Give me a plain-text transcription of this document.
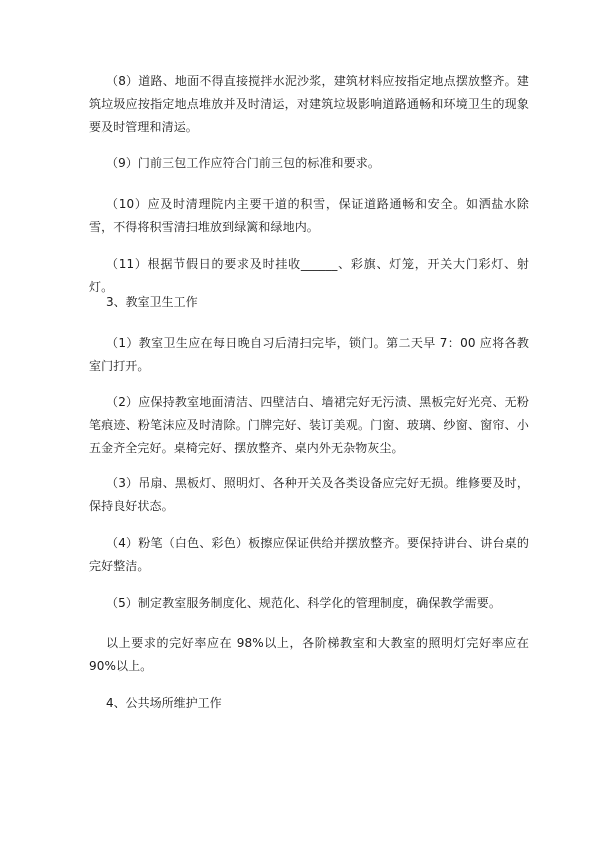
（8）道路、地面不得直接搅拌水泥沙浆，建筑材料应按指定地点摆放整齐。建筑垃圾应按指定地点堆放并及时清运，对建筑垃圾影响道路通畅和环境卫生的现象要及时管理和清运。

（9）门前三包工作应符合门前三包的标准和要求。

（10）应及时清理院内主要干道的积雪，保证道路通畅和安全。如洒盐水除雪，不得将积雪清扫堆放到绿篱和绿地内。

（11）根据节假日的要求及时挂收______、彩旗、灯笼，开关大门彩灯、射灯。

3、教室卫生工作

（1）教室卫生应在每日晚自习后清扫完毕，锁门。第二天早 7：00 应将各教室门打开。

（2）应保持教室地面清洁、四壁洁白、墙裙完好无污渍、黑板完好光亮、无粉笔痕迹、粉笔沫应及时清除。门牌完好、装订美观。门窗、玻璃、纱窗、窗帘、小五金齐全完好。桌椅完好、摆放整齐、桌内外无杂物灰尘。

（3）吊扇、黑板灯、照明灯、各种开关及各类设备应完好无损。维修要及时，保持良好状态。

（4）粉笔（白色、彩色）板擦应保证供给并摆放整齐。要保持讲台、讲台桌的完好整洁。

（5）制定教室服务制度化、规范化、科学化的管理制度，确保教学需要。

以上要求的完好率应在 98%以上，各阶梯教室和大教室的照明灯完好率应在 90%以上。

4、公共场所维护工作
